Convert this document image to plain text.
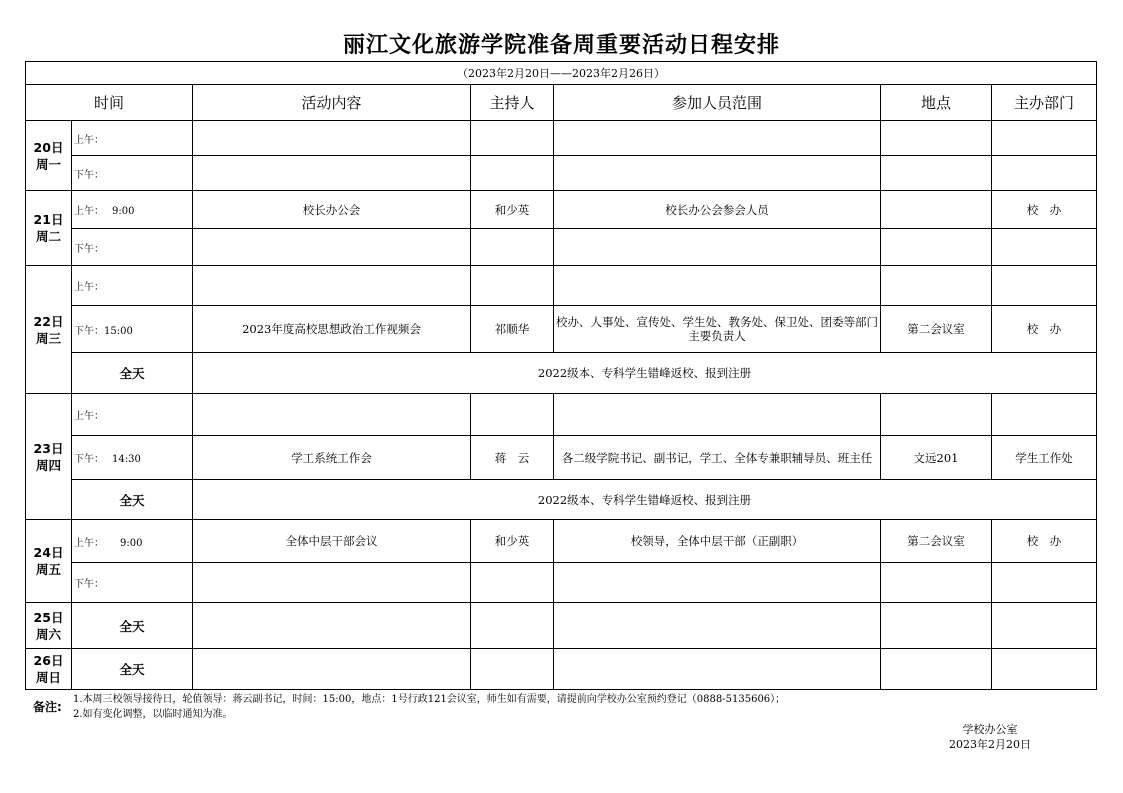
丽江文化旅游学院准备周重要活动日程安排
（2023年2月20日——2023年2月26日）						
时间		活动内容	主持人	参加人员范围	地点	主办部门

20日
周一	上午：					
	下午：					

21日
周二	上午： 9:00	校长办公会	和少英	校长办公会参会人员		校　办
	下午：					

22日
周三	上午：					
	下午：15:00	2023年度高校思想政治工作视频会	祁顺华	校办、人事处、宣传处、学生处、教务处、保卫处、团委等部门主要负责人	第二会议室	校　办
	全天	2022级本、专科学生错峰返校、报到注册				

23日
周四	上午：					
	下午： 14:30	学工系统工作会	蒋　云	各二级学院书记、副书记，学工、全体专兼职辅导员、班主任	文远201	学生工作处
	全天	2022级本、专科学生错峰返校、报到注册				

24日
周五	上午： 9:00	全体中层干部会议	和少英	校领导，全体中层干部（正副职）	第二会议室	校　办
	下午：					

25日
周六	全天					

26日
周日	全天					
备注:
1.本周三校领导接待日，轮值领导：蒋云副书记，时间：15:00，地点：1号行政121会议室，师生如有需要，请提前向学校办公室预约登记（0888-5135606）；
2.如有变化调整，以临时通知为准。
学校办公室
2023年2月20日
